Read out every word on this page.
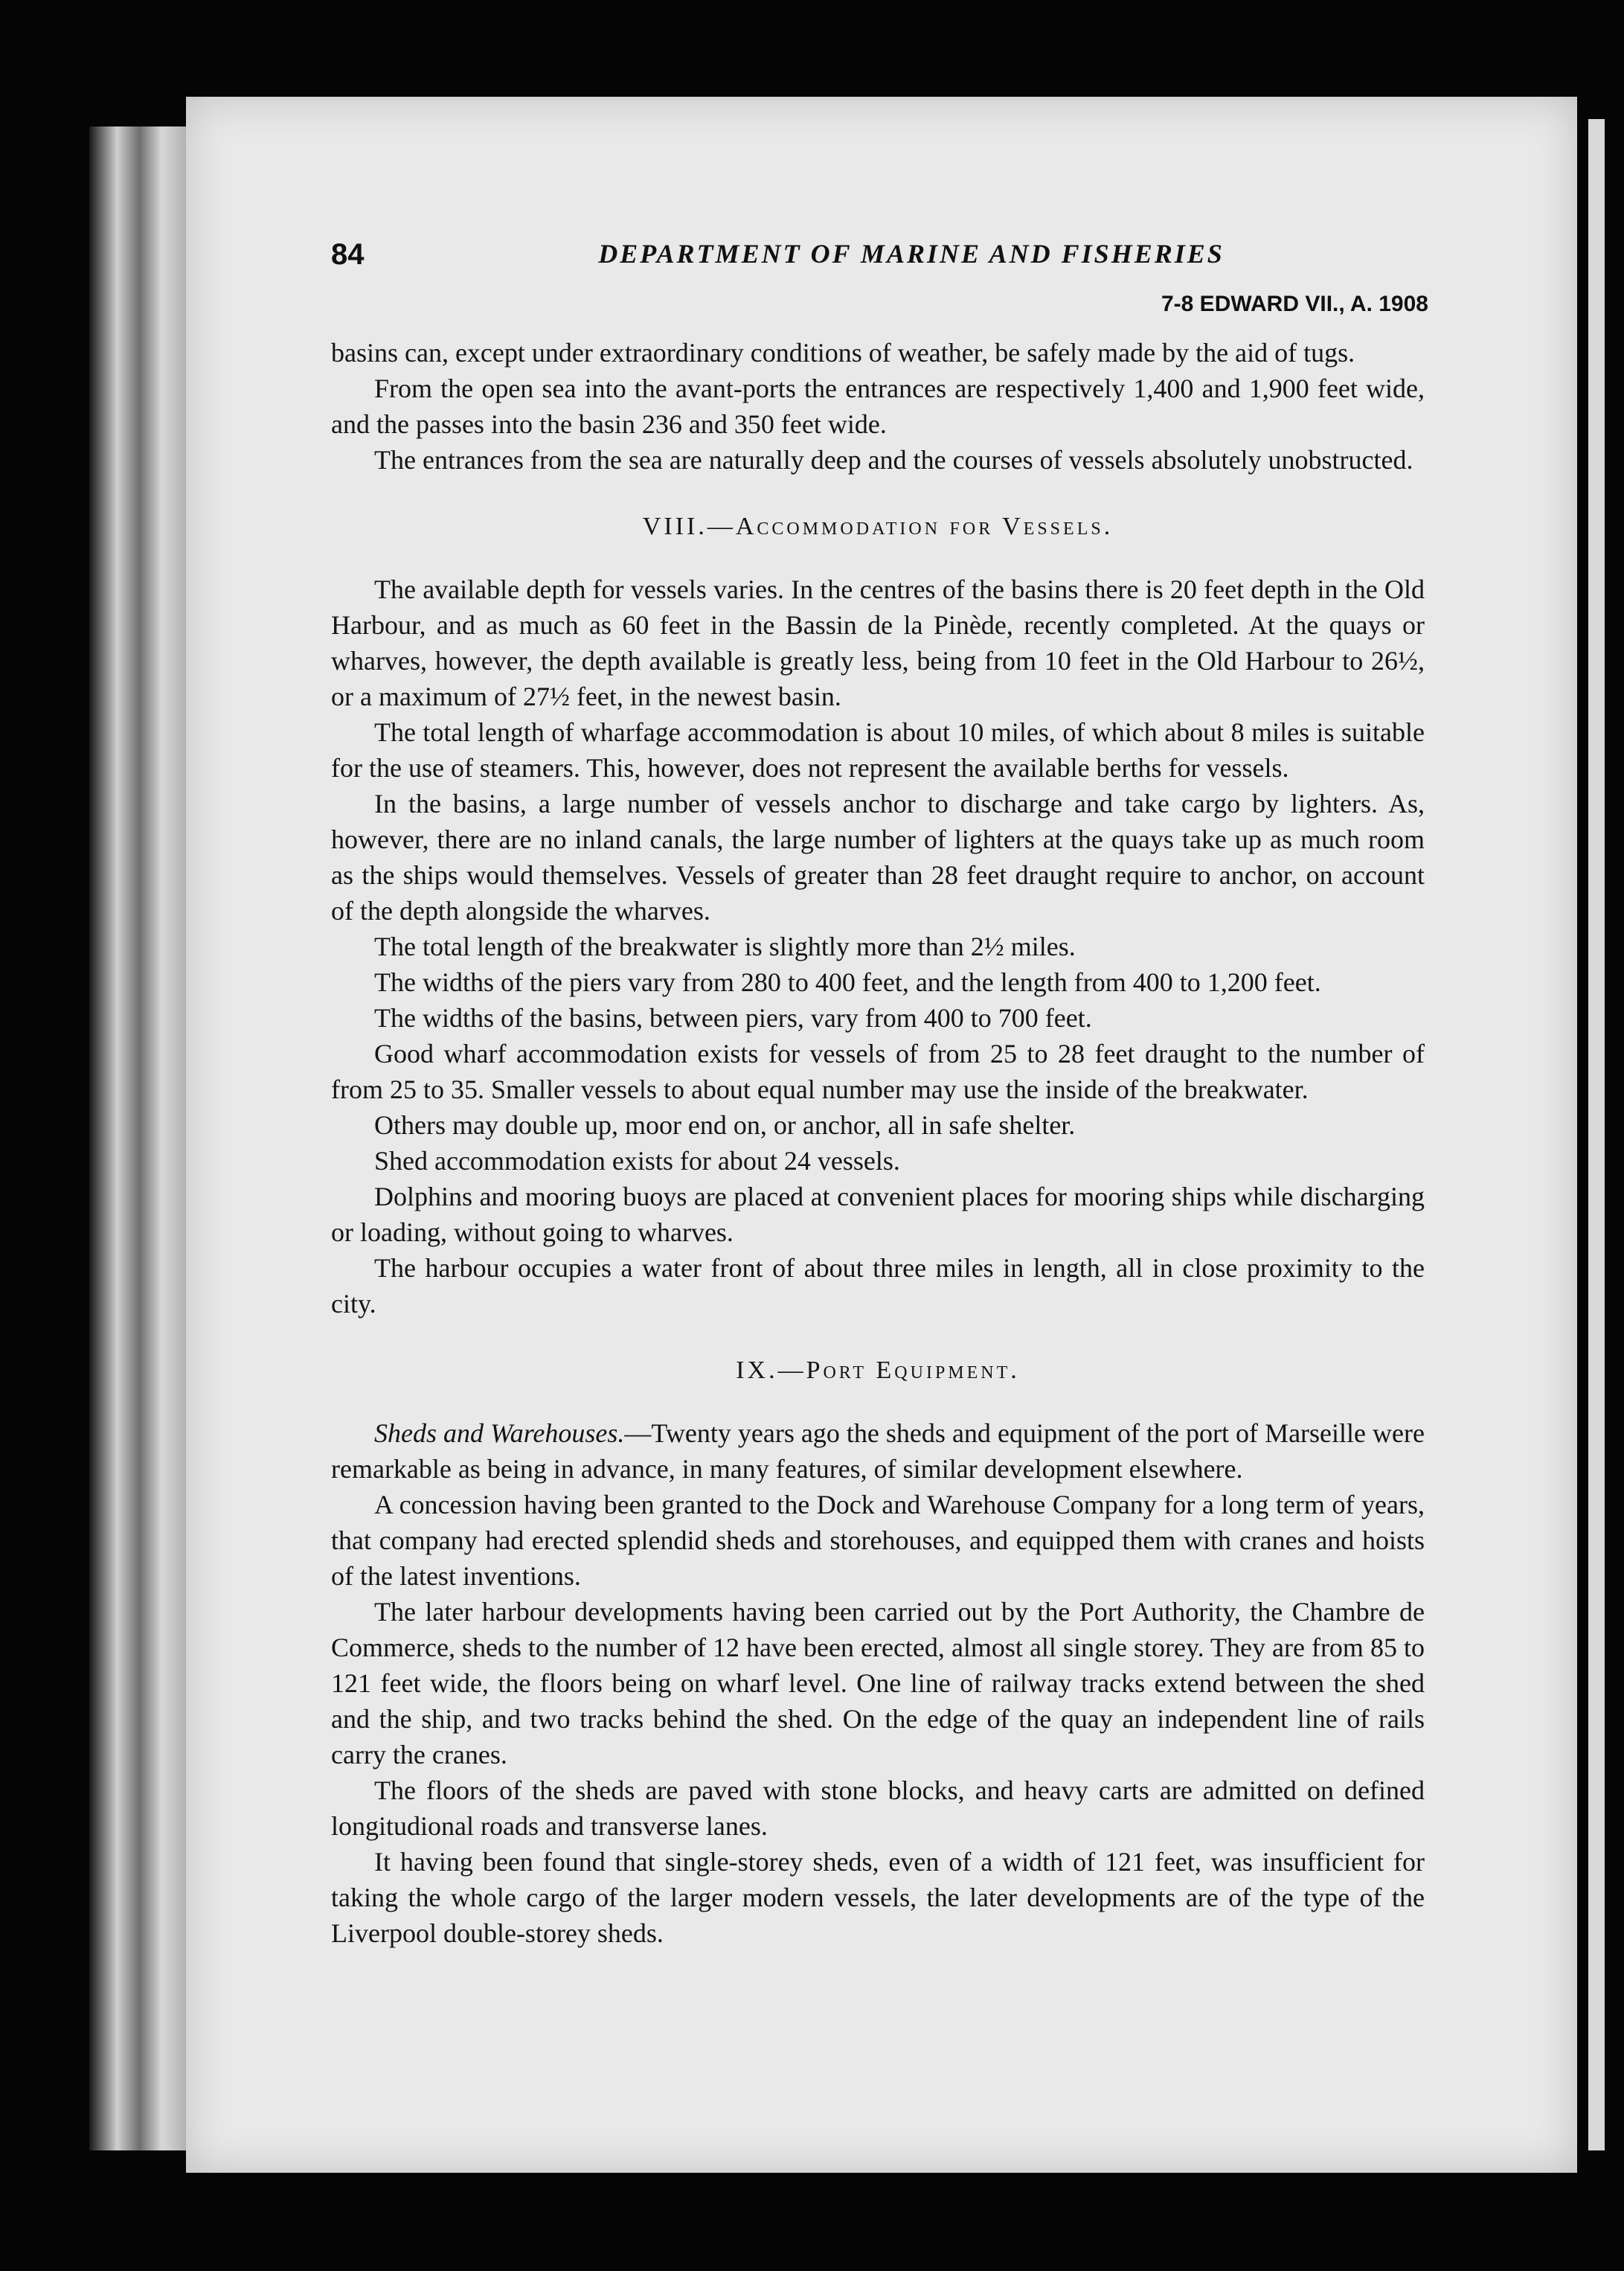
84	DEPARTMENT OF MARINE AND FISHERIES
7-8 EDWARD VII., A. 1908

basins can, except under extraordinary conditions of weather, be safely made by the aid of tugs.

From the open sea into the avant-ports the entrances are respectively 1,400 and 1,900 feet wide, and the passes into the basin 236 and 350 feet wide.

The entrances from the sea are naturally deep and the courses of vessels absolutely unobstructed.

VIII.—Accommodation for Vessels.

The available depth for vessels varies. In the centres of the basins there is 20 feet depth in the Old Harbour, and as much as 60 feet in the Bassin de la Pinède, recently completed. At the quays or wharves, however, the depth available is greatly less, being from 10 feet in the Old Harbour to 26½, or a maximum of 27½ feet, in the newest basin.

The total length of wharfage accommodation is about 10 miles, of which about 8 miles is suitable for the use of steamers. This, however, does not represent the available berths for vessels.

In the basins, a large number of vessels anchor to discharge and take cargo by lighters. As, however, there are no inland canals, the large number of lighters at the quays take up as much room as the ships would themselves. Vessels of greater than 28 feet draught require to anchor, on account of the depth alongside the wharves.

The total length of the breakwater is slightly more than 2½ miles.

The widths of the piers vary from 280 to 400 feet, and the length from 400 to 1,200 feet.

The widths of the basins, between piers, vary from 400 to 700 feet.

Good wharf accommodation exists for vessels of from 25 to 28 feet draught to the number of from 25 to 35. Smaller vessels to about equal number may use the inside of the breakwater.

Others may double up, moor end on, or anchor, all in safe shelter.

Shed accommodation exists for about 24 vessels.

Dolphins and mooring buoys are placed at convenient places for mooring ships while discharging or loading, without going to wharves.

The harbour occupies a water front of about three miles in length, all in close proximity to the city.

IX.—Port Equipment.

Sheds and Warehouses.—Twenty years ago the sheds and equipment of the port of Marseille were remarkable as being in advance, in many features, of similar development elsewhere.

A concession having been granted to the Dock and Warehouse Company for a long term of years, that company had erected splendid sheds and storehouses, and equipped them with cranes and hoists of the latest inventions.

The later harbour developments having been carried out by the Port Authority, the Chambre de Commerce, sheds to the number of 12 have been erected, almost all single storey. They are from 85 to 121 feet wide, the floors being on wharf level. One line of railway tracks extend between the shed and the ship, and two tracks behind the shed. On the edge of the quay an independent line of rails carry the cranes.

The floors of the sheds are paved with stone blocks, and heavy carts are admitted on defined longitudional roads and transverse lanes.

It having been found that single-storey sheds, even of a width of 121 feet, was insufficient for taking the whole cargo of the larger modern vessels, the later developments are of the type of the Liverpool double-storey sheds.
